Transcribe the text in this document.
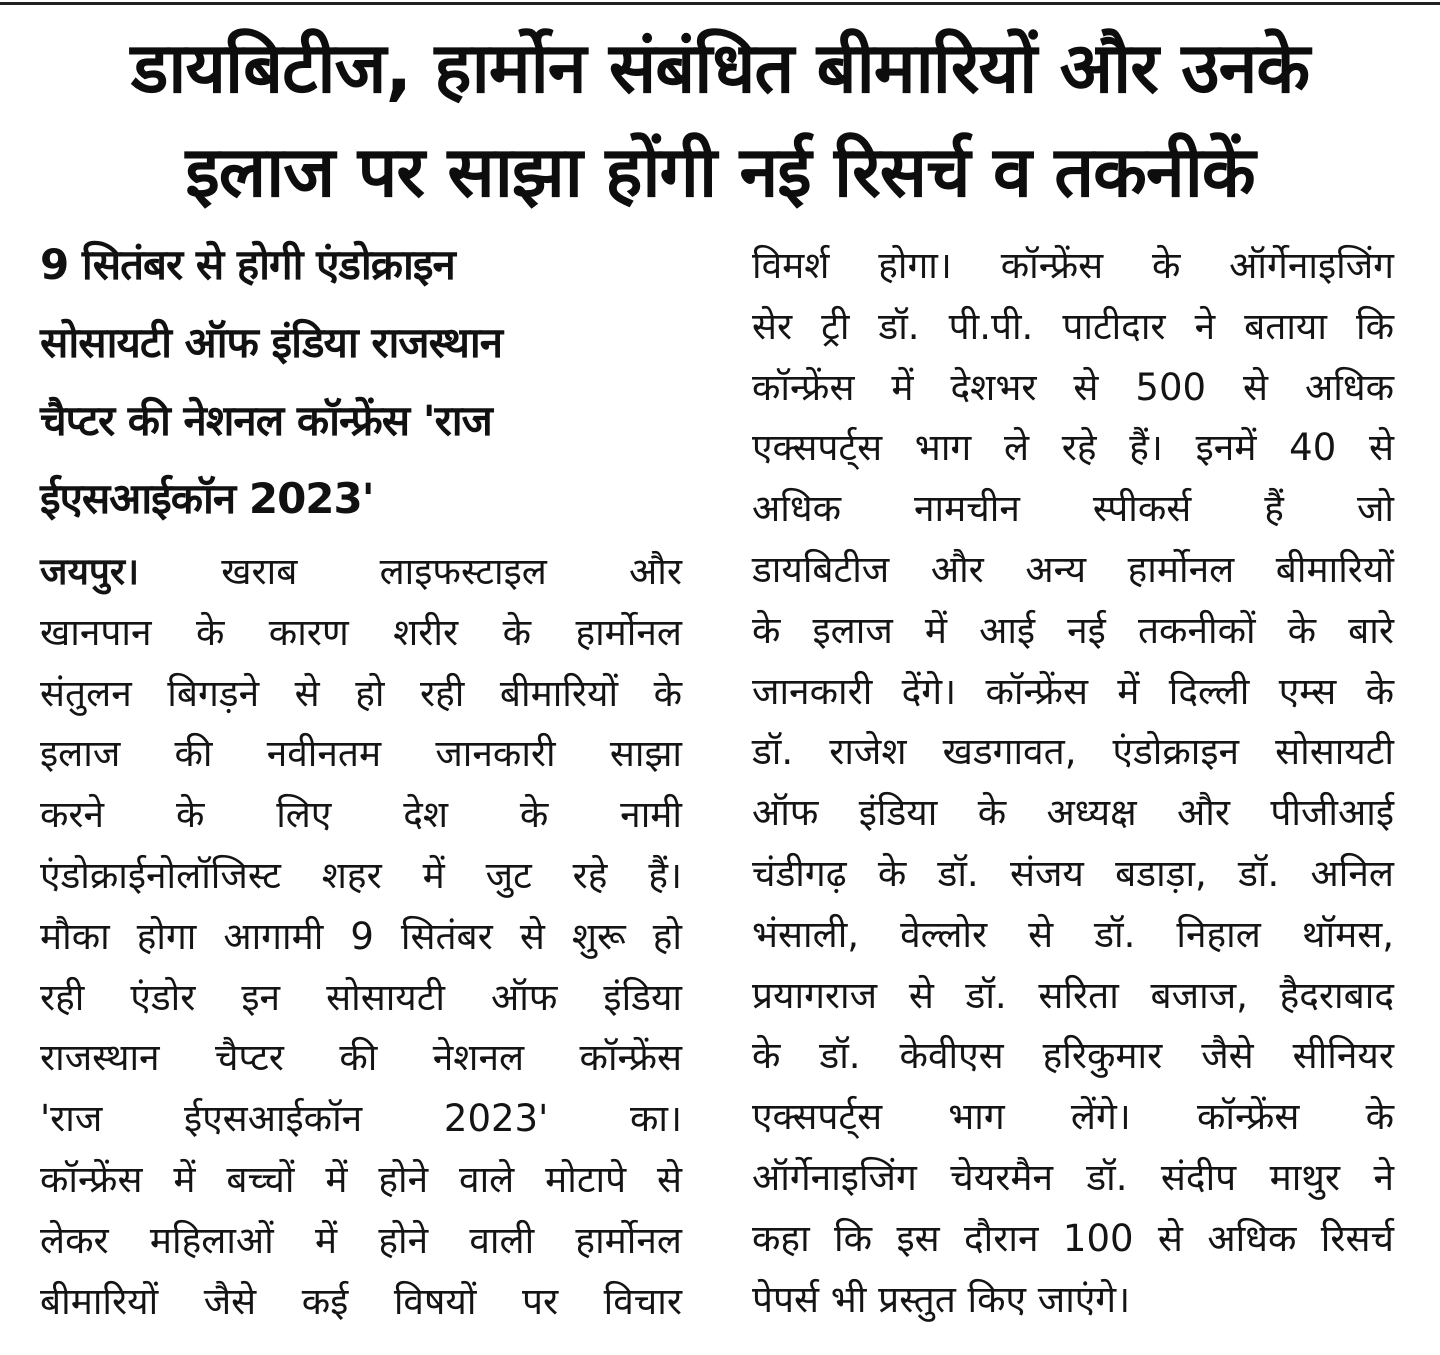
डायबिटीज, हार्मोन संबंधित बीमारियों और उनके
इलाज पर साझा होंगी नई रिसर्च व तकनीकें
9 सितंबर से होगी एंडोक्राइन
सोसायटी ऑफ इंडिया राजस्थान
चैप्टर की नेशनल कॉन्फ्रेंस 'राज
ईएसआईकॉन 2023'
जयपुर। खराब लाइफस्टाइल और
खानपान के कारण शरीर के हार्मोनल
संतुलन बिगड़ने से हो रही बीमारियों के
इलाज की नवीनतम जानकारी साझा
करने के लिए देश के नामी
एंडोक्राईनोलॉजिस्ट शहर में जुट रहे हैं।
मौका होगा आगामी 9 सितंबर से शुरू हो
रही एंडोर इन सोसायटी ऑफ इंडिया
राजस्थान चैप्टर की नेशनल कॉन्फ्रेंस
'राज ईएसआईकॉन 2023' का।
कॉन्फ्रेंस में बच्चों में होने वाले मोटापे से
लेकर महिलाओं में होने वाली हार्मोनल
बीमारियों जैसे कई विषयों पर विचार
विमर्श होगा। कॉन्फ्रेंस के ऑर्गेनाइजिंग
सेर ट्री डॉ. पी.पी. पाटीदार ने बताया कि
कॉन्फ्रेंस में देशभर से 500 से अधिक
एक्सपर्ट्स भाग ले रहे हैं। इनमें 40 से
अधिक नामचीन स्पीकर्स हैं जो
डायबिटीज और अन्य हार्मोनल बीमारियों
के इलाज में आई नई तकनीकों के बारे
जानकारी देंगे। कॉन्फ्रेंस में दिल्ली एम्स के
डॉ. राजेश खडगावत, एंडोक्राइन सोसायटी
ऑफ इंडिया के अध्यक्ष और पीजीआई
चंडीगढ़ के डॉ. संजय बडाड़ा, डॉ. अनिल
भंसाली, वेल्लोर से डॉ. निहाल थॉमस,
प्रयागराज से डॉ. सरिता बजाज, हैदराबाद
के डॉ. केवीएस हरिकुमार जैसे सीनियर
एक्सपर्ट्स भाग लेंगे। कॉन्फ्रेंस के
ऑर्गेनाइजिंग चेयरमैन डॉ. संदीप माथुर ने
कहा कि इस दौरान 100 से अधिक रिसर्च
पेपर्स भी प्रस्तुत किए जाएंगे।
